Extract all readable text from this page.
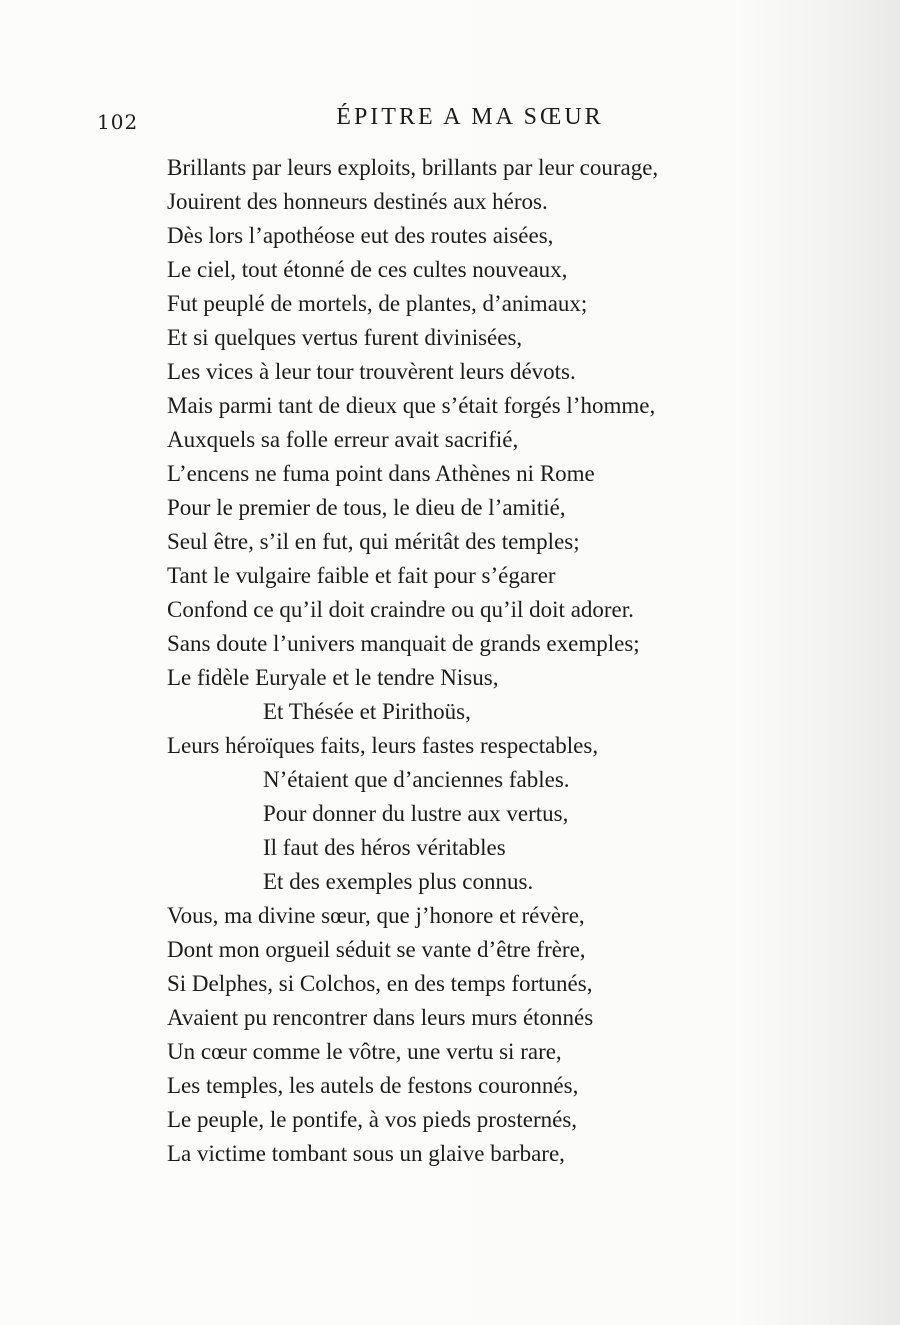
102	ÉPITRE A MA SŒUR
Brillants par leurs exploits, brillants par leur courage,
Jouirent des honneurs destinés aux héros.
Dès lors l’apothéose eut des routes aisées,
Le ciel, tout étonné de ces cultes nouveaux,
Fut peuplé de mortels, de plantes, d’animaux;
Et si quelques vertus furent divinisées,
Les vices à leur tour trouvèrent leurs dévots.
Mais parmi tant de dieux que s’était forgés l’homme,
Auxquels sa folle erreur avait sacrifié,
L’encens ne fuma point dans Athènes ni Rome
Pour le premier de tous, le dieu de l’amitié,
Seul être, s’il en fut, qui méritât des temples;
Tant le vulgaire faible et fait pour s’égarer
Confond ce qu’il doit craindre ou qu’il doit adorer.
Sans doute l’univers manquait de grands exemples;
Le fidèle Euryale et le tendre Nisus,
Et Thésée et Pirithoüs,
Leurs héroïques faits, leurs fastes respectables,
N’étaient que d’anciennes fables.
Pour donner du lustre aux vertus,
Il faut des héros véritables
Et des exemples plus connus.
Vous, ma divine sœur, que j’honore et révère,
Dont mon orgueil séduit se vante d’être frère,
Si Delphes, si Colchos, en des temps fortunés,
Avaient pu rencontrer dans leurs murs étonnés
Un cœur comme le vôtre, une vertu si rare,
Les temples, les autels de festons couronnés,
Le peuple, le pontife, à vos pieds prosternés,
La victime tombant sous un glaive barbare,
